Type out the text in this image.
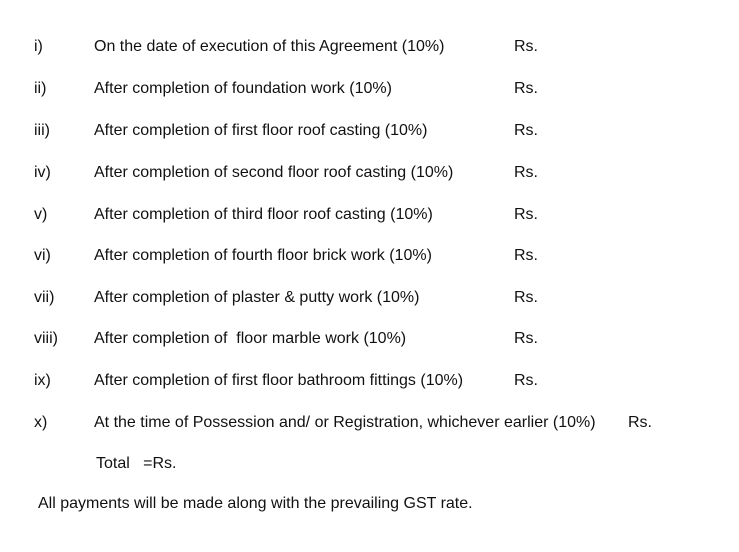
i)	On the date of execution of this Agreement (10%)	Rs.
ii)	After completion of foundation work (10%)	Rs.
iii)	After completion of first floor roof casting (10%)	Rs.
iv)	After completion of second floor roof casting (10%)	Rs.
v)	After completion of third floor roof casting (10%)	Rs.
vi)	After completion of fourth floor brick work (10%)	Rs.
vii) After completion of plaster & putty work (10%)	Rs.
viii) After completion of  floor marble work (10%)	Rs.
ix)	After completion of first floor bathroom fittings (10%)	Rs.
x)	At the time of Possession and/ or Registration, whichever earlier (10%) Rs.
Total   =Rs.
All payments will be made along with the prevailing GST rate.
